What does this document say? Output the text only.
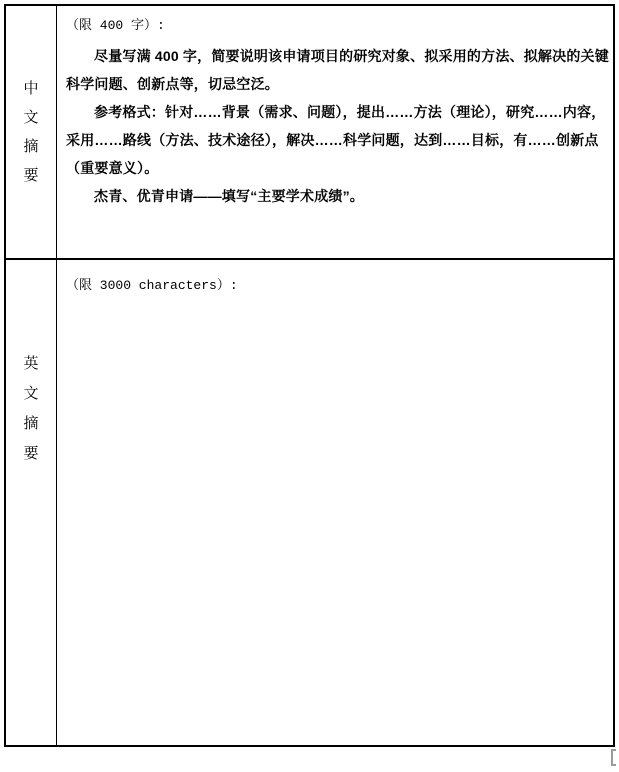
中
文
摘
要

（限 400 字）:

尽量写满 400 字，简要说明该申请项目的研究对象、拟采用的方法、拟解决的关键科学问题、创新点等，切忌空泛。

参考格式：针对……背景（需求、问题），提出……方法（理论），研究……内容，采用……路线（方法、技术途径），解决……科学问题，达到……目标，有……创新点（重要意义）。

杰青、优青申请——填写“主要学术成绩”。

英
文
摘
要

（限 3000 characters）:
